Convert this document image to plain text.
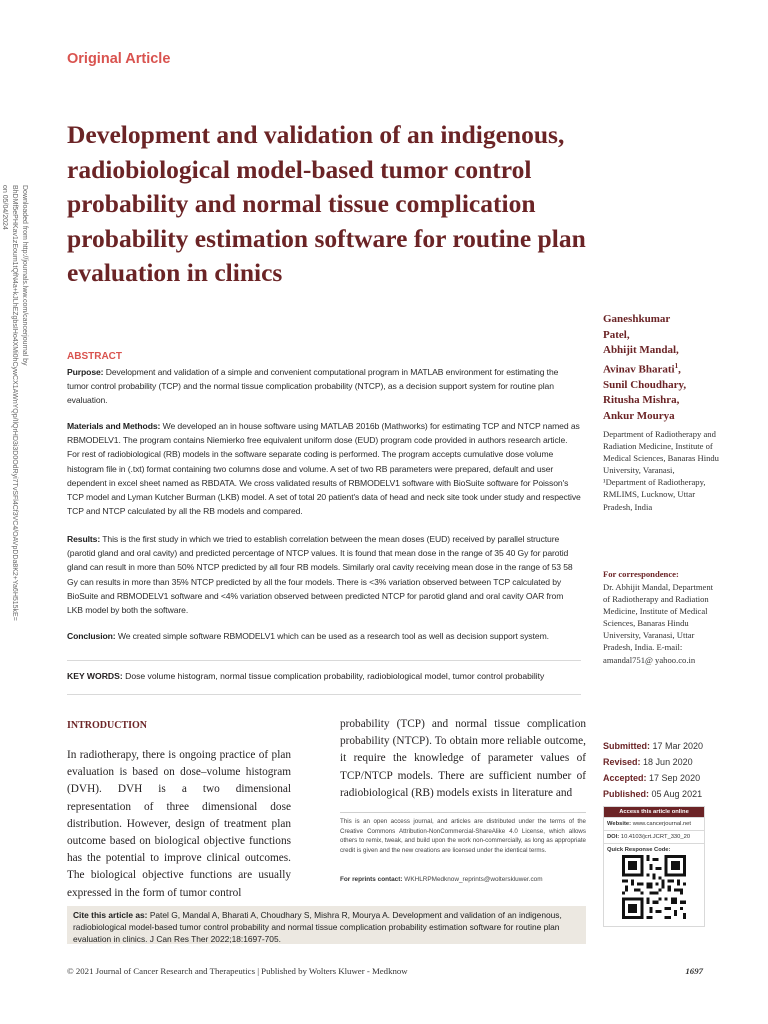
Original Article
Downloaded from http://journals.lww.com/cancerjournal by BhDMf5ePHKav1zEoum1tQfN4a+kJLhEZgbsIHo4XMi0hCywCX1AWnYQp/IlQrHD3i3D0OdRyi7TvSFl4Cf3VC4/OAVpDDa8K2+Ya6H515kE= on 05/04/2024
Development and validation of an indigenous, radiobiological model-based tumor control probability and normal tissue complication probability estimation software for routine plan evaluation in clinics
ABSTRACT
Purpose: Development and validation of a simple and convenient computational program in MATLAB environment for estimating the tumor control probability (TCP) and the normal tissue complication probability (NTCP), as a decision support system for routine plan evaluation.
Materials and Methods: We developed an in house software using MATLAB 2016b (Mathworks) for estimating TCP and NTCP named as RBMODELV1. The program contains Niemierko free equivalent uniform dose (EUD) program code provided in authors research article. For rest of radiobiological (RB) models in the software separate coding is performed. The program accepts cumulative dose volume histogram file in (.txt) format containing two columns dose and volume. A set of two RB parameters were prepared, default and user dependent in excel sheet named as RBDATA. We cross validated results of RBMODELV1 software with BioSuite software for Poisson's TCP model and Lyman Kutcher Burman (LKB) model. A set of total 20 patient's data of head and neck site took under study and respective TCP and NTCP calculated by all the RB models and compared.
Results: This is the first study in which we tried to establish correlation between the mean doses (EUD) received by parallel structure (parotid gland and oral cavity) and predicted percentage of NTCP values. It is found that mean dose in the range of 35 40 Gy for parotid gland can result in more than 50% NTCP predicted by all four RB models. Similarly oral cavity receiving mean dose in the range of 53 58 Gy can results in more than 35% NTCP predicted by all the four models. There is <3% variation observed between TCP calculated by BioSuite and RBMODELV1 software and <4% variation observed between predicted NTCP for parotid gland and oral cavity OAR from LKB model by both the software.
Conclusion: We created simple software RBMODELV1 which can be used as a research tool as well as decision support system.
KEY WORDS: Dose volume histogram, normal tissue complication probability, radiobiological model, tumor control probability
INTRODUCTION
In radiotherapy, there is ongoing practice of plan evaluation is based on dose–volume histogram (DVH). DVH is a two dimensional representation of three dimensional dose distribution. However, design of treatment plan outcome based on biological objective functions has the potential to improve clinical outcomes. The biological objective functions are usually expressed in the form of tumor control
probability (TCP) and normal tissue complication probability (NTCP). To obtain more reliable outcome, it require the knowledge of parameter values of TCP/NTCP models. There are sufficient number of radiobiological (RB) models exists in literature and
This is an open access journal, and articles are distributed under the terms of the Creative Commons Attribution-NonCommercial-ShareAlike 4.0 License, which allows others to remix, tweak, and build upon the work non-commercially, as long as appropriate credit is given and the new creations are licensed under the identical terms.
For reprints contact: WKHLRPMedknow_reprints@wolterskluwer.com
Ganeshkumar
Patel,
Abhijit Mandal,
Avinav Bharati$^1$,
Sunil Choudhary,
Ritusha Mishra,
Ankur Mourya
Department of Radiotherapy and Radiation Medicine, Institute of Medical Sciences, Banaras Hindu University, Varanasi, ¹Department of Radiotherapy, RMLIMS, Lucknow, Uttar Pradesh, India
For correspondence:
Dr. Abhijit Mandal, Department of Radiotherapy and Radiation Medicine, Institute of Medical Sciences, Banaras Hindu University, Varanasi, Uttar Pradesh, India. E-mail: amandal751@ yahoo.co.in
Submitted: 17 Mar 2020
Revised: 18 Jun 2020
Accepted: 17 Sep 2020
Published: 05 Aug 2021
Access this article online
Website: www.cancerjournal.net
DOI: 10.4103/jcrt.JCRT_330_20
Quick Response Code:
Cite this article as: Patel G, Mandal A, Bharati A, Choudhary S, Mishra R, Mourya A. Development and validation of an indigenous, radiobiological model-based tumor control probability and normal tissue complication probability estimation software for routine plan evaluation in clinics. J Can Res Ther 2022;18:1697-705.
© 2021 Journal of Cancer Research and Therapeutics | Published by Wolters Kluwer - Medknow	1697
